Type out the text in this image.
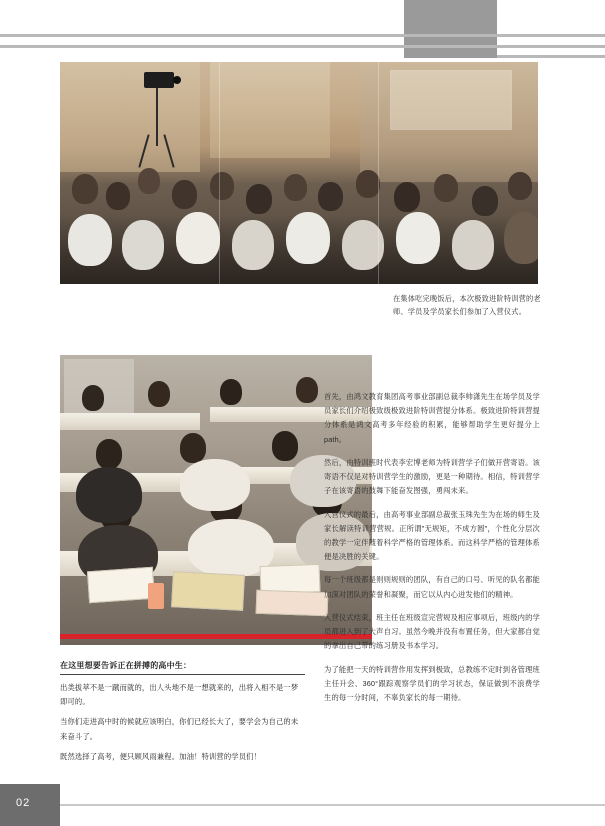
在集体吃完晚饭后，本次极致进阶特训营的老师、学员及学员家长们参加了入营仪式。

首先，由鸿文教育集团高考事业部副总裁李帅潇先生在场学员及学员家长们介绍极致级极致进阶特训营提分体系。极致进阶特训营提分体系是鸿文高考多年经验的积累，能够帮助学生更好提分上path。

然后，由特训班时代表李宏博老师为特训营学子们做开营寄语。该寄语不仅是对特训营学生的激励，更是一种期待。相信，特训营学子在该寄语的鼓舞下能奋发图强，勇闯未来。

入营仪式的最后，由高考事业部副总裁张玉珠先生为在场的师生及家长解读特训营营规。正所谓"无规矩，不成方圆"，个性化分层次的教学一定伴随着科学严格的管理体系。而这科学严格的管理体系便是决胜的关键。

每一个班级都是则则规则的团队，有自己的口号、听见的队名都能加深对团队的荣誉和凝聚，而它以从内心迸发他们的精神。

入营仪式结束，班主任在班级宣完营规及相应事项后，班级内的学员都进入到了大声自习。虽然今晚并没有布置任务，但大家都自觉的拿出自己带的练习册及书本学习。

为了能把一天的特训营作用发挥到极致，总教练不定时到各管理班主任升会、360°跟踪观察学员们的学习状态，保证做到不浪费学生的每一分时间，不辜负家长的每一期待。

在这里想要告诉正在拼搏的高中生：

出类拔萃不是一蹴而就的，出人头地不是一想就来的，出将入相不是一梦即可的。

当你们走进高中时的候就应该明白，你们已经长大了，要学会为自己的未来奋斗了。

既然选择了高考，便只顾风雨兼程。加油！特训营的学员们！

02
